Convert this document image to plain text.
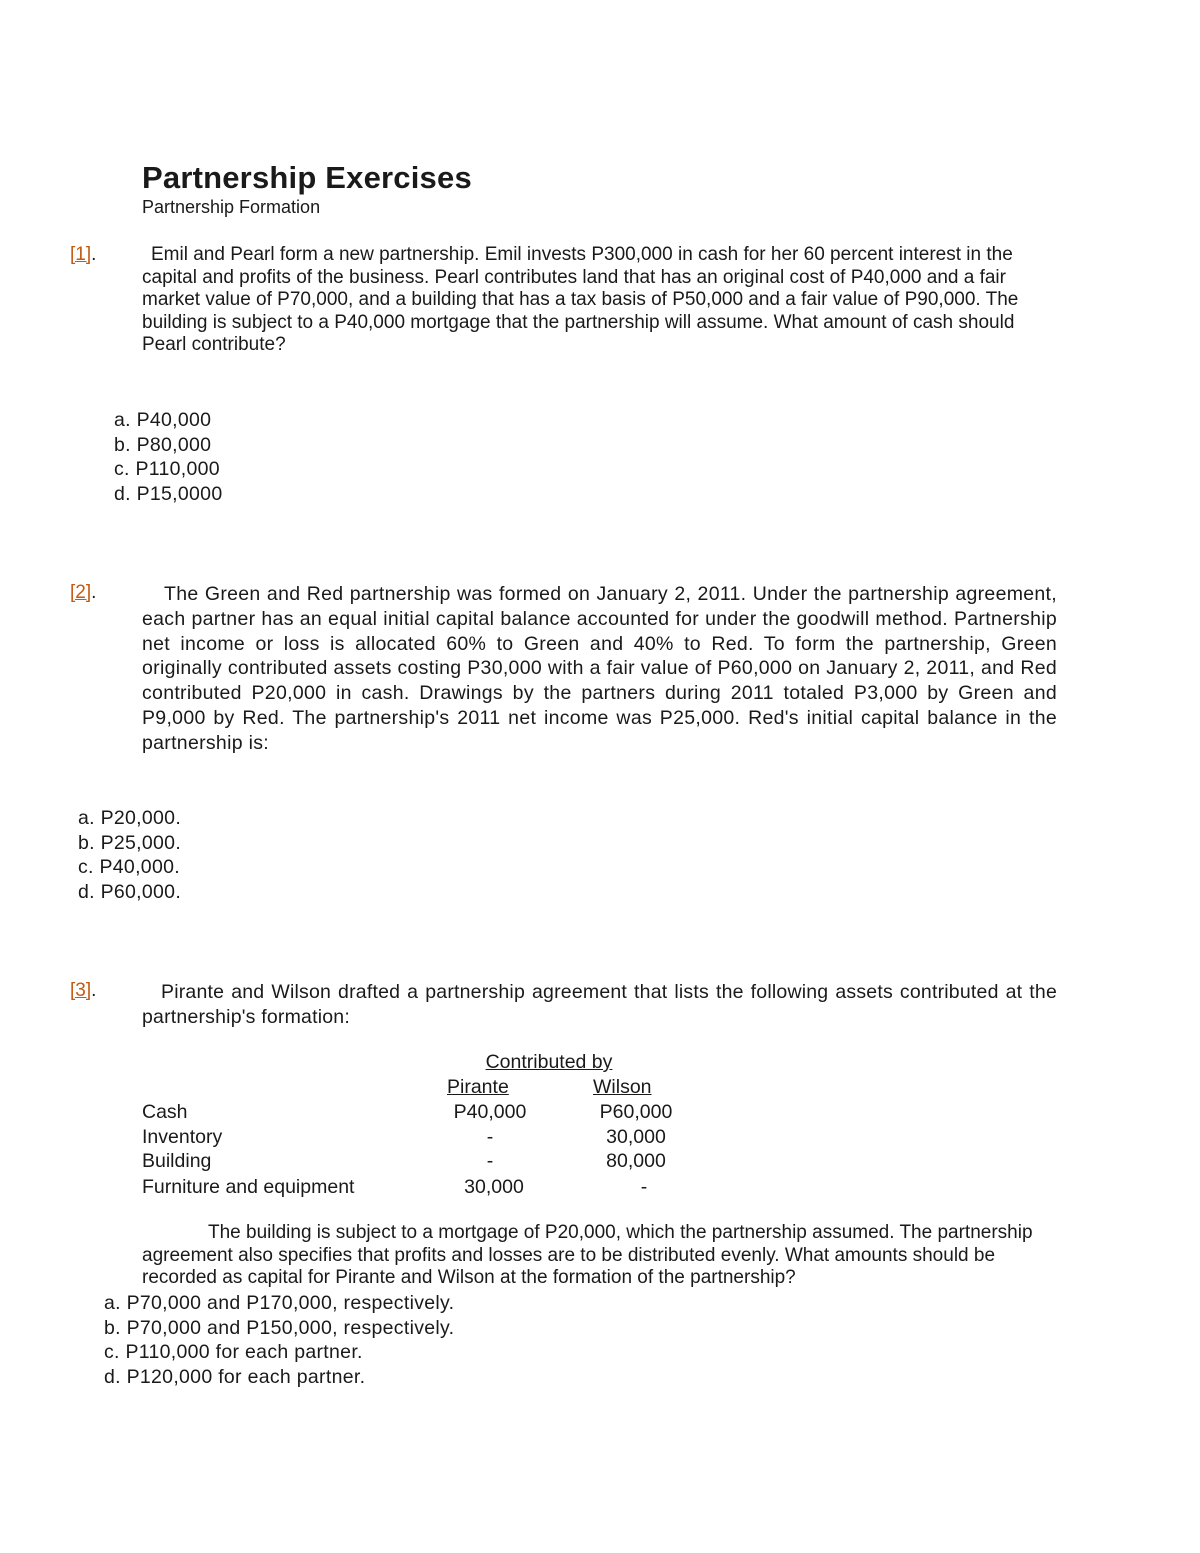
Partnership Exercises
Partnership Formation
[1].	Emil and Pearl form a new partnership. Emil invests P300,000 in cash for her 60 percent interest in the capital and profits of the business. Pearl contributes land that has an original cost of P40,000 and a fair market value of P70,000, and a building that has a tax basis of P50,000 and a fair value of P90,000. The building is subject to a P40,000 mortgage that the partnership will assume. What amount of cash should Pearl contribute?
a. P40,000
b. P80,000
c. P110,000
d. P15,0000
[2].	The Green and Red partnership was formed on January 2, 2011. Under the partnership agreement, each partner has an equal initial capital balance accounted for under the goodwill method. Partnership net income or loss is allocated 60% to Green and 40% to Red. To form the partnership, Green originally contributed assets costing P30,000 with a fair value of P60,000 on January 2, 2011, and Red contributed P20,000 in cash. Drawings by the partners during 2011 totaled P3,000 by Green and P9,000 by Red. The partnership's 2011 net income was P25,000. Red's initial capital balance in the partnership is:
a. P20,000.
b. P25,000.
c. P40,000.
d. P60,000.
[3].	Pirante and Wilson drafted a partnership agreement that lists the following assets contributed at the partnership's formation:
Contributed by
Pirante	Wilson
Cash	P40,000	P60,000
Inventory	-	30,000
Building	-	80,000
Furniture and equipment	30,000	-
The building is subject to a mortgage of P20,000, which the partnership assumed. The partnership agreement also specifies that profits and losses are to be distributed evenly. What amounts should be recorded as capital for Pirante and Wilson at the formation of the partnership?
a. P70,000 and P170,000, respectively.
b. P70,000 and P150,000, respectively.
c. P110,000 for each partner.
d. P120,000 for each partner.
